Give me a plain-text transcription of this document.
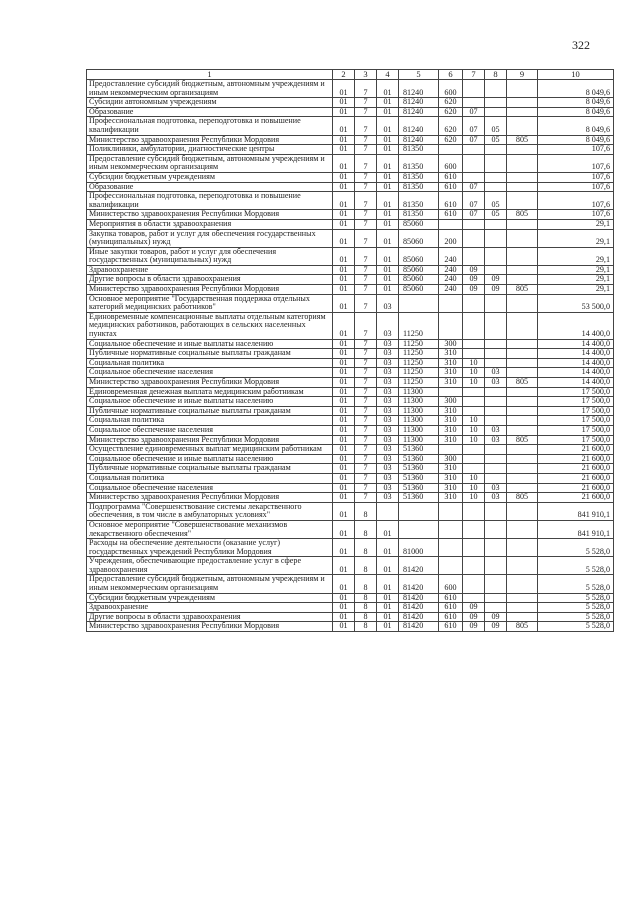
322
1	2	3	4	5	6	7	8	9	10
Предоставление субсидий бюджетным, автономным учреждениям и иным некоммерческим организациям	01	7	01	81240	600				8 049,6
Субсидии автономным учреждениям	01	7	01	81240	620				8 049,6
Образование	01	7	01	81240	620	07			8 049,6
Профессиональная подготовка, переподготовка и повышение квалификации	01	7	01	81240	620	07	05		8 049,6
Министерство здравоохранения Республики Мордовия	01	7	01	81240	620	07	05	805	8 049,6
Поликлиники, амбулатории, диагностические центры	01	7	01	81350					107,6
Предоставление субсидий бюджетным, автономным учреждениям и иным некоммерческим организациям	01	7	01	81350	600				107,6
Субсидии бюджетным учреждениям	01	7	01	81350	610				107,6
Образование	01	7	01	81350	610	07			107,6
Профессиональная подготовка, переподготовка и повышение квалификации	01	7	01	81350	610	07	05		107,6
Министерство здравоохранения Республики Мордовия	01	7	01	81350	610	07	05	805	107,6
Мероприятия в области здравоохранения	01	7	01	85060					29,1
Закупка товаров, работ и услуг для обеспечения государственных (муниципальных) нужд	01	7	01	85060	200				29,1
Иные закупки товаров, работ и услуг для обеспечения государственных (муниципальных) нужд	01	7	01	85060	240				29,1
Здравоохранение	01	7	01	85060	240	09			29,1
Другие вопросы в области здравоохранения	01	7	01	85060	240	09	09		29,1
Министерство здравоохранения Республики Мордовия	01	7	01	85060	240	09	09	805	29,1
Основное мероприятие "Государственная поддержка отдельных категорий медицинских работников"	01	7	03						53 500,0
Единовременные компенсационные выплаты отдельным категориям медицинских работников, работающих в сельских населенных пунктах	01	7	03	11250					14 400,0
Социальное обеспечение и иные выплаты населению	01	7	03	11250	300				14 400,0
Публичные нормативные социальные выплаты гражданам	01	7	03	11250	310				14 400,0
Социальная политика	01	7	03	11250	310	10			14 400,0
Социальное обеспечение населения	01	7	03	11250	310	10	03		14 400,0
Министерство здравоохранения Республики Мордовия	01	7	03	11250	310	10	03	805	14 400,0
Единовременная денежная выплата медицинским работникам	01	7	03	11300					17 500,0
Социальное обеспечение и иные выплаты населению	01	7	03	11300	300				17 500,0
Публичные нормативные социальные выплаты гражданам	01	7	03	11300	310				17 500,0
Социальная политика	01	7	03	11300	310	10			17 500,0
Социальное обеспечение населения	01	7	03	11300	310	10	03		17 500,0
Министерство здравоохранения Республики Мордовия	01	7	03	11300	310	10	03	805	17 500,0
Осуществление единовременных выплат медицинским работникам	01	7	03	51360					21 600,0
Социальное обеспечение и иные выплаты населению	01	7	03	51360	300				21 600,0
Публичные нормативные социальные выплаты гражданам	01	7	03	51360	310				21 600,0
Социальная политика	01	7	03	51360	310	10			21 600,0
Социальное обеспечение населения	01	7	03	51360	310	10	03		21 600,0
Министерство здравоохранения Республики Мордовия	01	7	03	51360	310	10	03	805	21 600,0
Подпрограмма "Совершенствование системы лекарственного обеспечения, в том числе в амбулаторных условиях"	01	8							841 910,1
Основное мероприятие "Совершенствование механизмов лекарственного обеспечения"	01	8	01						841 910,1
Расходы на обеспечение деятельности (оказание услуг) государственных учреждений Республики Мордовия	01	8	01	81000					5 528,0
Учреждения, обеспечивающие предоставление услуг в сфере здравоохранения	01	8	01	81420					5 528,0
Предоставление субсидий бюджетным, автономным учреждениям и иным некоммерческим организациям	01	8	01	81420	600				5 528,0
Субсидии бюджетным учреждениям	01	8	01	81420	610				5 528,0
Здравоохранение	01	8	01	81420	610	09			5 528,0
Другие вопросы в области здравоохранения	01	8	01	81420	610	09	09		5 528,0
Министерство здравоохранения Республики Мордовия	01	8	01	81420	610	09	09	805	5 528,0
